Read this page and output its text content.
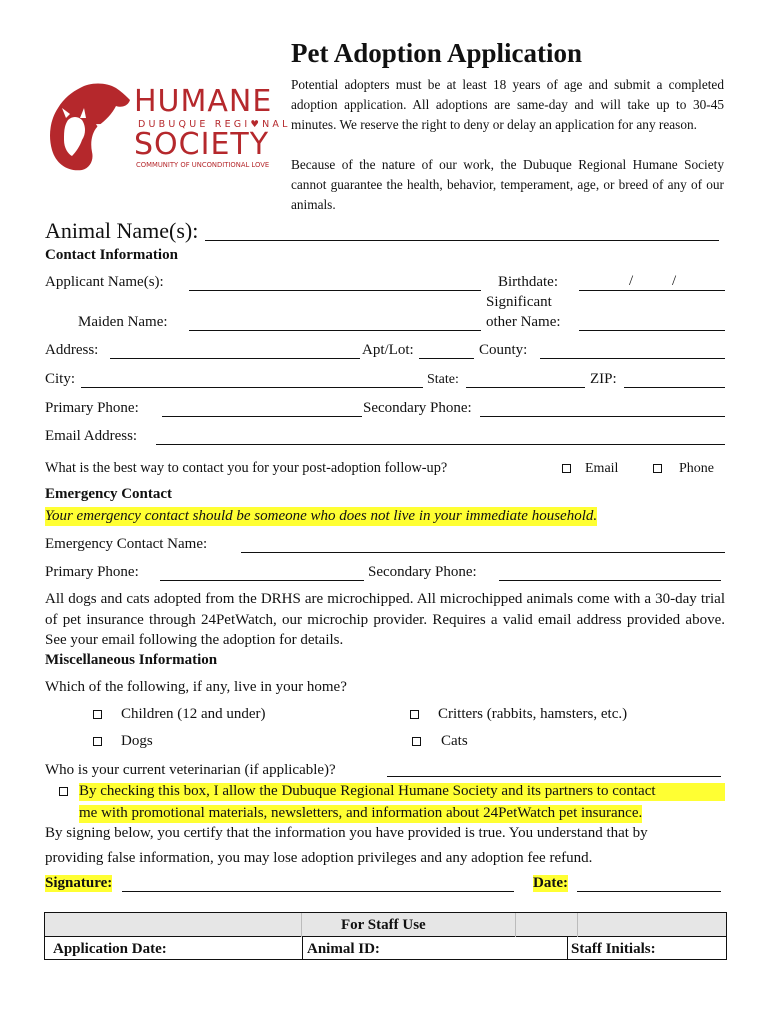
HUMANE
DUBUQUE REGI♥NAL
SOCIETY
COMMUNITY OF UNCONDITIONAL LOVE
Pet Adoption Application
Potential adopters must be at least 18 years of age and submit a completed adoption application. All adoptions are same-day and will take up to 30-45 minutes. We reserve the right to deny or delay an application for any reason.
Because of the nature of our work, the Dubuque Regional Humane Society cannot guarantee the health, behavior, temperament, age, or breed of any of our animals.
Animal Name(s):
Contact Information
Applicant Name(s):	Birthdate:	/	/
Significant
other Name:
Maiden Name:
Address:	Apt/Lot:	County:
City:	State:	ZIP:
Primary Phone:	Secondary Phone:
Email Address:
What is the best way to contact you for your post-adoption follow-up?	Email	Phone
Emergency Contact
Your emergency contact should be someone who does not live in your immediate household.
Emergency Contact Name:
Primary Phone:	Secondary Phone:
All dogs and cats adopted from the DRHS are microchipped. All microchipped animals come with a 30-day trial of pet insurance through 24PetWatch, our microchip provider. Requires a valid email address provided above. See your email following the adoption for details.
Miscellaneous Information
Which of the following, if any, live in your home?
Children (12 and under)	Critters (rabbits, hamsters, etc.)
Dogs	Cats
Who is your current veterinarian (if applicable)?
By checking this box, I allow the Dubuque Regional Humane Society and its partners to contact
me with promotional materials, newsletters, and information about 24PetWatch pet insurance.
By signing below, you certify that the information you have provided is true. You understand that by
providing false information, you may lose adoption privileges and any adoption fee refund.
Signature:	Date:
For Staff Use
Application Date:	Animal ID:	Staff Initials:
